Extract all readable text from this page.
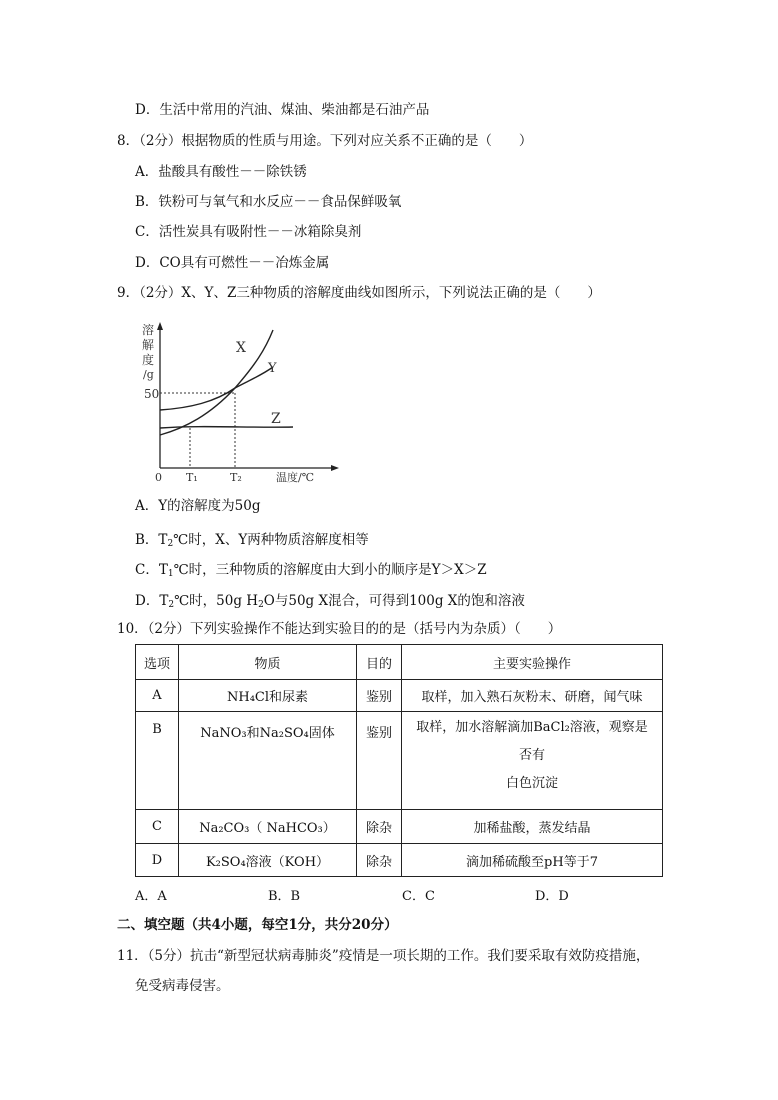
D．生活中常用的汽油、煤油、柴油都是石油产品
8．（2分）根据物质的性质与用途。下列对应关系不正确的是（　　）
A．盐酸具有酸性－－除铁锈
B．铁粉可与氧气和水反应－－食品保鲜吸氧
C．活性炭具有吸附性－－冰箱除臭剂
D．CO具有可燃性－－冶炼金属
9．（2分）X、Y、Z三种物质的溶解度曲线如图所示，下列说法正确的是（　　）
溶
解
度
/g
X
Y
Z
50
0 T₁	T₂	温度/℃
A．Y的溶解度为50g
B．$T_2℃$时，X、Y两种物质溶解度相等
C．$T_1℃$时，三种物质的溶解度由大到小的顺序是Y＞X＞Z
D．$T_2℃$时，50g $H_2O$与50g X混合，可得到100g X的饱和溶液
10．（2分）下列实验操作不能达到实验目的的是（括号内为杂质）（　　）
选项	物质	目的	主要实验操作
A	NH₄Cl和尿素	鉴别	取样，加入熟石灰粉末、研磨，闻气味
B	NaNO₃和Na₂SO₄固体	鉴别	取样，加水溶解滴加BaCl₂溶液，观察是
否有
白色沉淀

C	Na₂CO₃（ NaHCO₃）	除杂	加稀盐酸，蒸发结晶
D	K₂SO₄溶液（KOH）	除杂	滴加稀硫酸至pH等于7
A．A	B．B	C．C	D．D
二、填空题（共4小题，每空1分，共分20分）
11．（5分）抗击“新型冠状病毒肺炎”疫情是一项长期的工作。我们要采取有效防疫措施，
免受病毒侵害。
